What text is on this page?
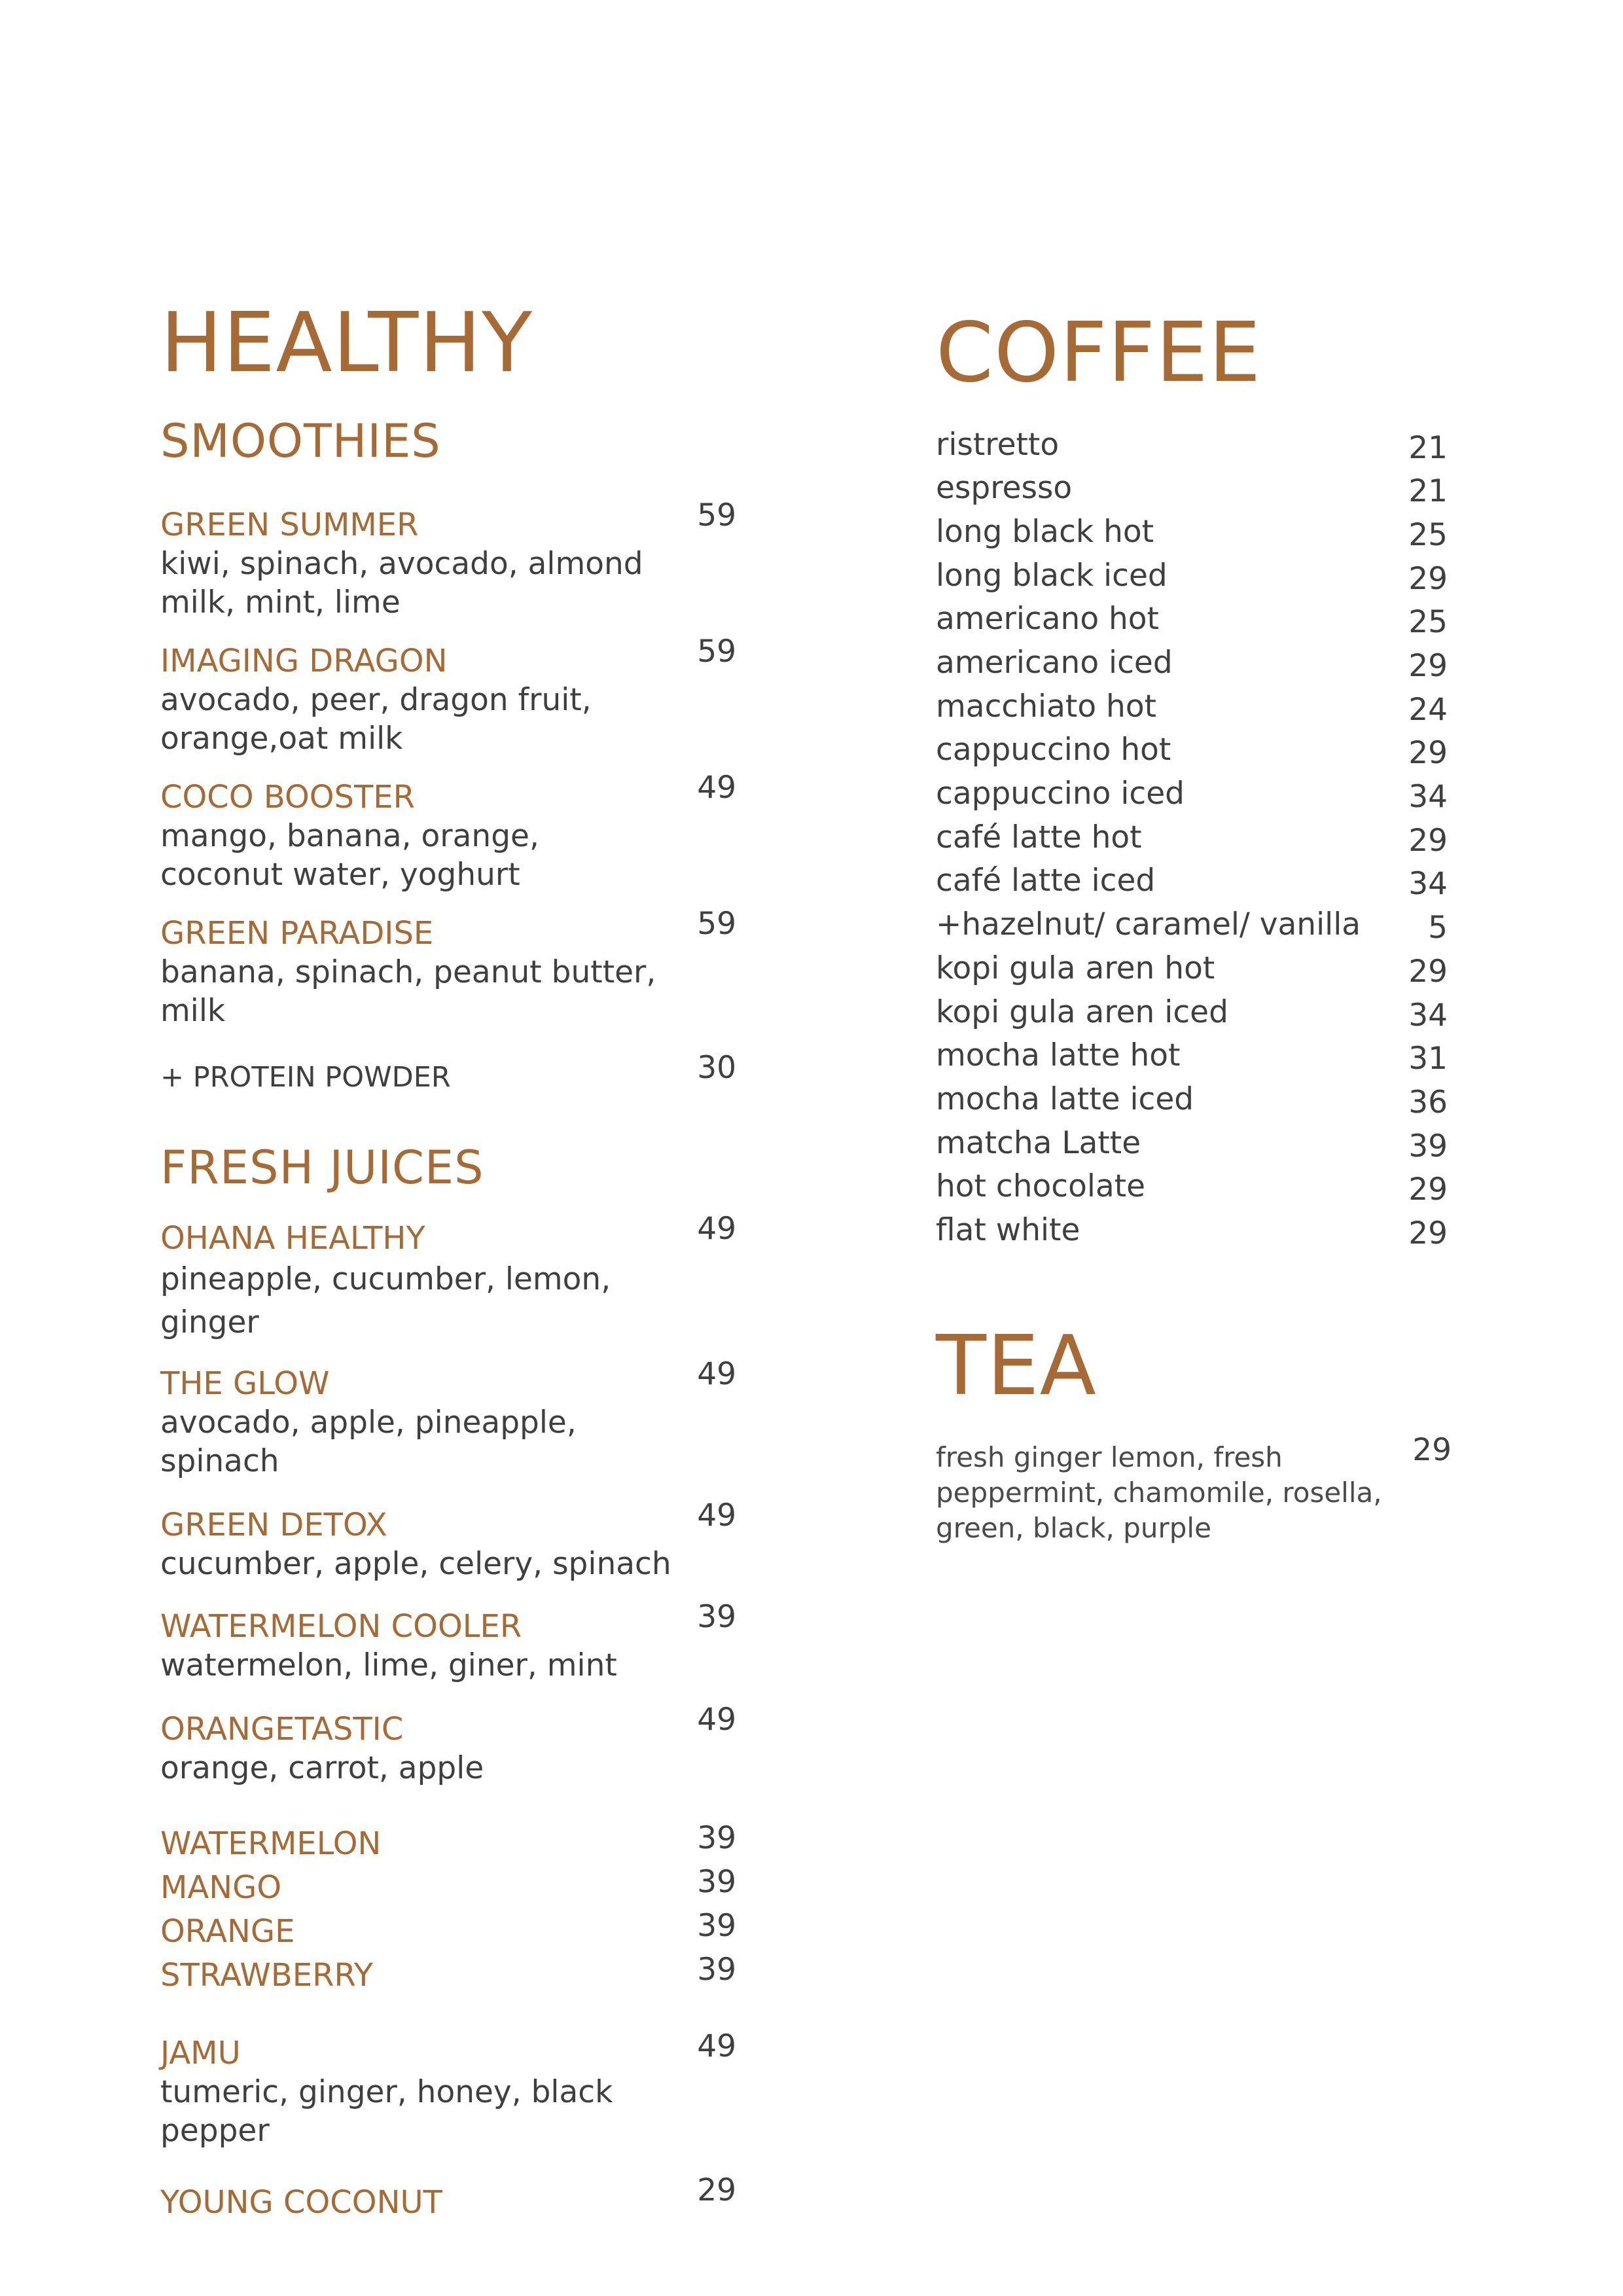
HEALTHY
SMOOTHIES
GREEN SUMMER
kiwi, spinach, avocado, almond milk, mint, lime
59
IMAGING DRAGON
avocado, peer, dragon fruit, orange,oat milk
59
COCO BOOSTER
mango, banana, orange, coconut water, yoghurt
49
GREEN PARADISE
banana, spinach, peanut butter, milk
59
+ PROTEIN POWDER	30
FRESH JUICES
OHANA HEALTHY
pineapple, cucumber, lemon, ginger
49
THE GLOW
avocado, apple, pineapple, spinach
49
GREEN DETOX
cucumber, apple, celery, spinach
49
WATERMELON COOLER
watermelon, lime, giner, mint
39
ORANGETASTIC
orange, carrot, apple
49
WATERMELON	39
MANGO	39
ORANGE	39
STRAWBERRY	39
JAMU
tumeric, ginger, honey, black pepper
49
YOUNG COCONUT	29
COFFEE
ristretto	21
espresso	21
long black hot	25
long black iced	29
americano hot	25
americano iced	29
macchiato hot	24
cappuccino hot	29
cappuccino iced	34
café latte hot	29
café latte iced	34
+hazelnut/ caramel/ vanilla 5
kopi gula aren hot	29
kopi gula aren iced	34
mocha latte hot	31
mocha latte iced	36
matcha Latte	39
hot chocolate	29
flat white	29
TEA
fresh ginger lemon, fresh peppermint, chamomile, rosella, green, black, purple
29
